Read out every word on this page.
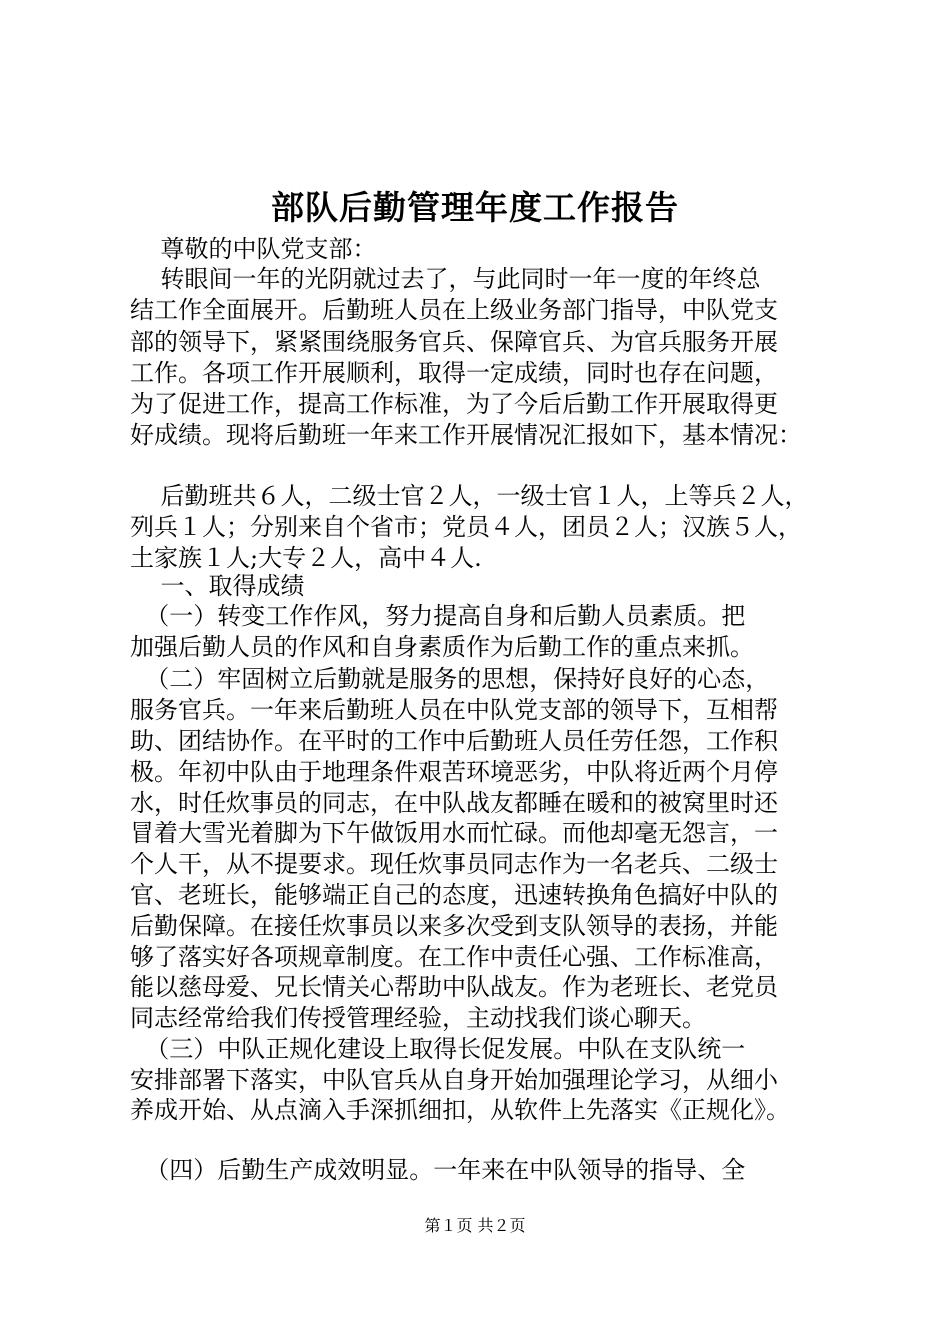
部队后勤管理年度工作报告
尊敬的中队党支部：
转眼间一年的光阴就过去了，与此同时一年一度的年终总
结工作全面展开。后勤班人员在上级业务部门指导，中队党支
部的领导下，紧紧围绕服务官兵、保障官兵、为官兵服务开展
工作。各项工作开展顺利，取得一定成绩，同时也存在问题，
为了促进工作，提高工作标准，为了今后后勤工作开展取得更
好成绩。现将后勤班一年来工作开展情况汇报如下，基本情况：
后勤班共６人，二级士官２人，一级士官１人，上等兵２人，
列兵１人；分别来自个省市；党员４人，团员２人；汉族５人，
土家族１人;大专２人，高中４人.
一、取得成绩
（一）转变工作作风，努力提高自身和后勤人员素质。把
加强后勤人员的作风和自身素质作为后勤工作的重点来抓。
（二）牢固树立后勤就是服务的思想，保持好良好的心态，
服务官兵。一年来后勤班人员在中队党支部的领导下，互相帮
助、团结协作。在平时的工作中后勤班人员任劳任怨，工作积
极。年初中队由于地理条件艰苦环境恶劣，中队将近两个月停
水，时任炊事员的同志，在中队战友都睡在暖和的被窝里时还
冒着大雪光着脚为下午做饭用水而忙碌。而他却毫无怨言，一
个人干，从不提要求。现任炊事员同志作为一名老兵、二级士
官、老班长，能够端正自己的态度，迅速转换角色搞好中队的
后勤保障。在接任炊事员以来多次受到支队领导的表扬，并能
够了落实好各项规章制度。在工作中责任心强、工作标准高，
能以慈母爱、兄长情关心帮助中队战友。作为老班长、老党员
同志经常给我们传授管理经验，主动找我们谈心聊天。
（三）中队正规化建设上取得长促发展。中队在支队统一
安排部署下落实，中队官兵从自身开始加强理论学习，从细小
养成开始、从点滴入手深抓细扣，从软件上先落实《正规化》。
（四）后勤生产成效明显。一年来在中队领导的指导、全
第１页 共２页
